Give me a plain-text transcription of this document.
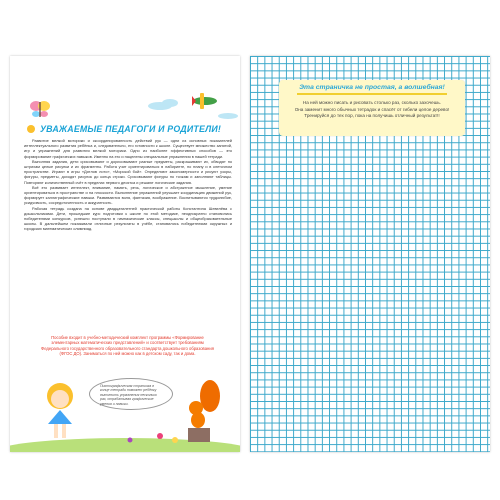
УВАЖАЕМЫЕ ПЕДАГОГИ И РОДИТЕЛИ!

Развитие мелкой моторики и скоординированность действий рук — одни из основных показателей интеллектуального развития ребёнка и, следовательно, его готовности к школе. Существует множество занятий, игр и упражнений для развития мелкой моторики. Одно из наиболее эффективных способов — это формирование графических навыков. Именно на это и нацелены специальные упражнения в нашей тетради.

Выполняя задания, дети срисовывают и дорисовывают разные предметы, раскрашивают их, обводят по штрихам целые рисунки и их фрагменты. Работа учит ориентироваться в лабиринте, по плану и в клеточном пространстве. Играют в игры «Дятлов лото», «Морской бой». Определяют закономерности и рисуют узоры, фигуры, предметы, доходят рисунок до конца строки. Срисовывают фигуры по точкам и заполняют таблицы. Повторяют количественный счёт в пределах первого десятка и решают логические задания.

Всё это развивает интеллект, внимание, память, речь, логическое и абстрактное мышление, умение ориентироваться в пространстве и на плоскости. Выполнение упражнений улучшает координацию движений рук, формирует каллиграфические навыки. Развиваются воля, фантазия, воображение. Воспитываются трудолюбие, усидчивость, сосредоточенность и аккуратность.

Рабочая тетрадь создана на основе двадцатилетней практической работы Константина Шевелёва с дошкольниками. Дети, прошедшие курс подготовки к школе по этой методике, неоднократно становились победителями конкурсов, успешно поступали в гимназические классы, спецшколы и общеобразовательные школы. В дальнейшем показывали отличные результаты в учёбе, становились победителями окружных и городских математических олимпиад.

Пособие входит в учебно-методический комплект программы «Формирование элементарных математических представлений» и соответствует требованиям Федерального государственного образовательного стандарта дошкольного образования (ФГОС ДО). Заниматься по ней можно как в детском саду, так и дома.
Пиктографическая страничка в конце тетради поможет ребёнку выполнить упражнения несколько раз, отрабатывая графические умения и навыки.
Эта страничка не простая, а волшебная!
На ней можно писать и рисовать столько раз, сколько захочешь.
Она заменит много обычных тетрадок и спасёт от гибели целое дерево!
Тренируйся до тех пор, пока на получишь отличный результат!!
